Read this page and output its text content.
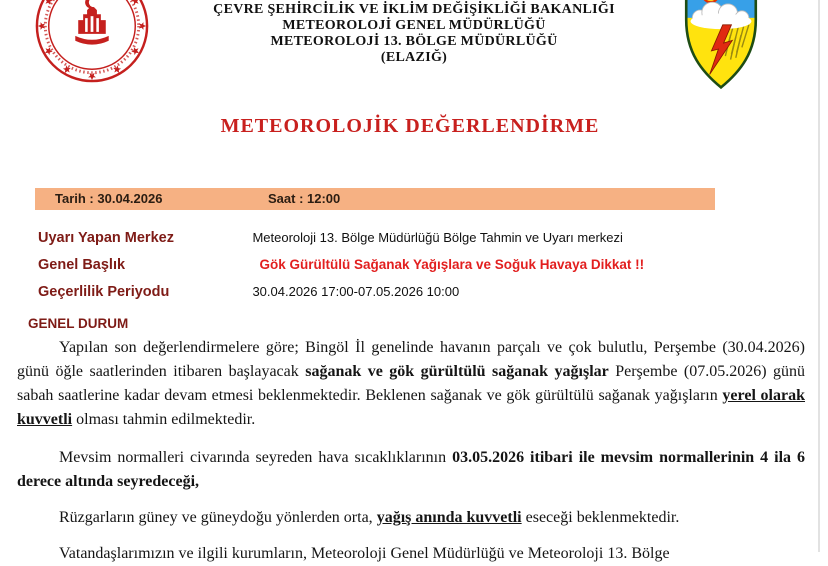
ÇEVRE ŞEHİRCİLİK VE İKLİM DEĞİŞİKLİĞİ BAKANLIĞI
METEOROLOJİ GENEL MÜDÜRLÜĞÜ
METEOROLOJİ 13. BÖLGE MÜDÜRLÜĞÜ
(ELAZIĞ)
METEOROLOJİK DEĞERLENDİRME
Tarih : 30.04.2026	Saat : 12:00
Uyarı Yapan Merkez	Meteoroloji 13. Bölge Müdürlüğü Bölge Tahmin ve Uyarı merkezi
Genel Başlık	Gök Gürültülü Sağanak Yağışlara ve Soğuk Havaya Dikkat !!
Geçerlilik Periyodu	30.04.2026 17:00-07.05.2026 10:00
GENEL DURUM

Yapılan son değerlendirmelere göre; Bingöl İl genelinde havanın parçalı ve çok bulutlu, Perşembe (30.04.2026) günü öğle saatlerinden itibaren başlayacak sağanak ve gök gürültülü sağanak yağışlar Perşembe (07.05.2026) günü sabah saatlerine kadar devam etmesi beklenmektedir. Beklenen sağanak ve gök gürültülü sağanak yağışların yerel olarak kuvvetli olması tahmin edilmektedir.

Mevsim normalleri civarında seyreden hava sıcaklıklarının 03.05.2026 itibari ile mevsim normallerinin 4 ila 6 derece altında seyredeceği,

Rüzgarların güney ve güneydoğu yönlerden orta, yağış anında kuvvetli eseceği beklenmektedir.

Vatandaşlarımızın ve ilgili kurumların, Meteoroloji Genel Müdürlüğü ve Meteoroloji 13. Bölge
